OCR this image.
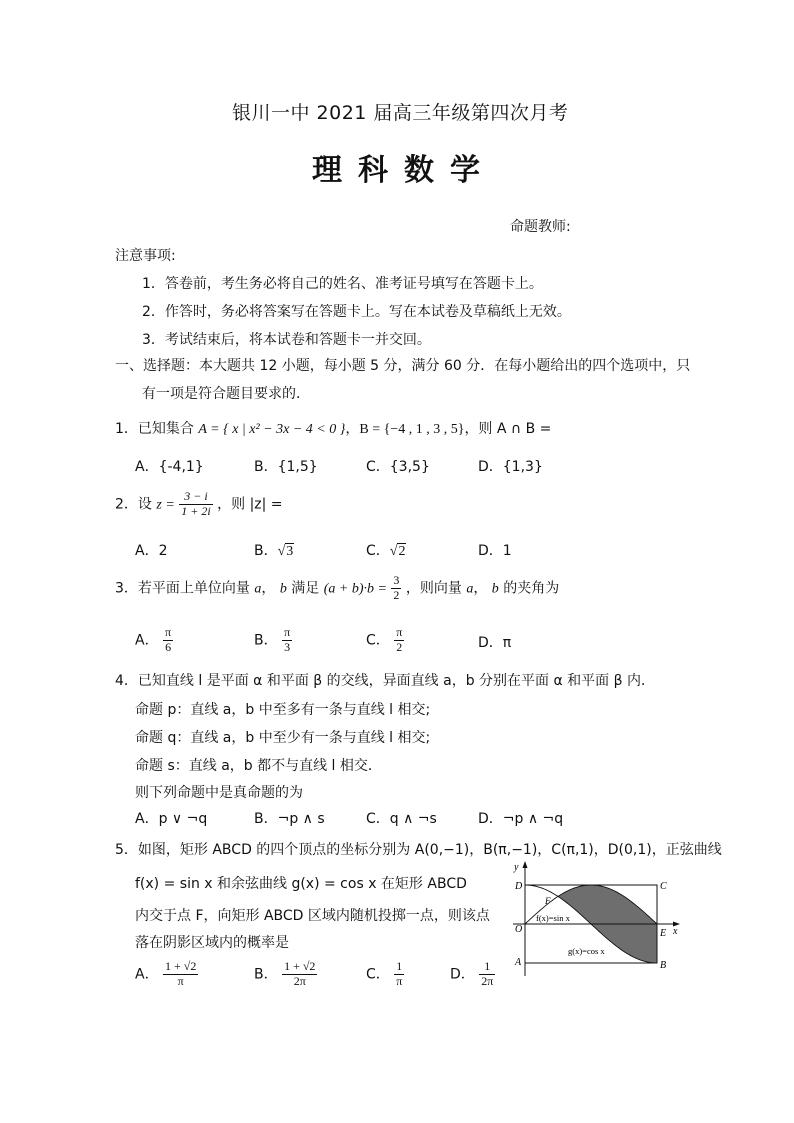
银川一中 2021 届高三年级第四次月考
理科数学
命题教师:
注意事项:
1．答卷前，考生务必将自己的姓名、准考证号填写在答题卡上。
2．作答时，务必将答案写在答题卡上。写在本试卷及草稿纸上无效。
3．考试结束后，将本试卷和答题卡一并交回。
一、选择题：本大题共 12 小题，每小题 5 分，满分 60 分．在每小题给出的四个选项中，只
有一项是符合题目要求的．
1．已知集合 A = { x | x² − 3x − 4 < 0 }，B = {−4 , 1 , 3 , 5}，则 A ∩ B =
A．{-4,1}	B．{1,5}	C．{3,5}	D．{1,3}
2．设 $z = \frac{3 - i}{1 + 2i}$ ，则 |z| =
A．2	B．√3	C．√2	D．1
3．若平面上单位向量 a， b 满足 $(a + b)\cdot b = \frac{3}{2}$ ，则向量 a， b 的夹角为
A． $\frac{\pi}{6}$	B． $\frac{\pi}{3}$	C． $\frac{\pi}{2}$	D．π
4．已知直线 l 是平面 α 和平面 β 的交线，异面直线 a，b 分别在平面 α 和平面 β 内．
命题 p：直线 a，b 中至多有一条与直线 l 相交;
命题 q：直线 a，b 中至少有一条与直线 l 相交;
命题 s：直线 a，b 都不与直线 l 相交．
则下列命题中是真命题的为
A．p ∨ ¬q	B．¬p ∧ s	C．q ∧ ¬s	D．¬p ∧ ¬q
5．如图，矩形 ABCD 的四个顶点的坐标分别为 A(0,−1)，B(π,−1)，C(π,1)，D(0,1)，正弦曲线
f(x) = sin x 和余弦曲线 g(x) = cos x 在矩形 ABCD
内交于点 F，向矩形 ABCD 区域内随机投掷一点，则该点
落在阴影区域内的概率是
A． $\frac{1 + √2}{\pi}$	B． $\frac{1 + √2}{2\pi}$	C． $\frac{1}{\pi}$	D． $\frac{1}{2\pi}$
y
x
D	C
O	E
A	B
F
f(x)=sin x
g(x)=cos x
